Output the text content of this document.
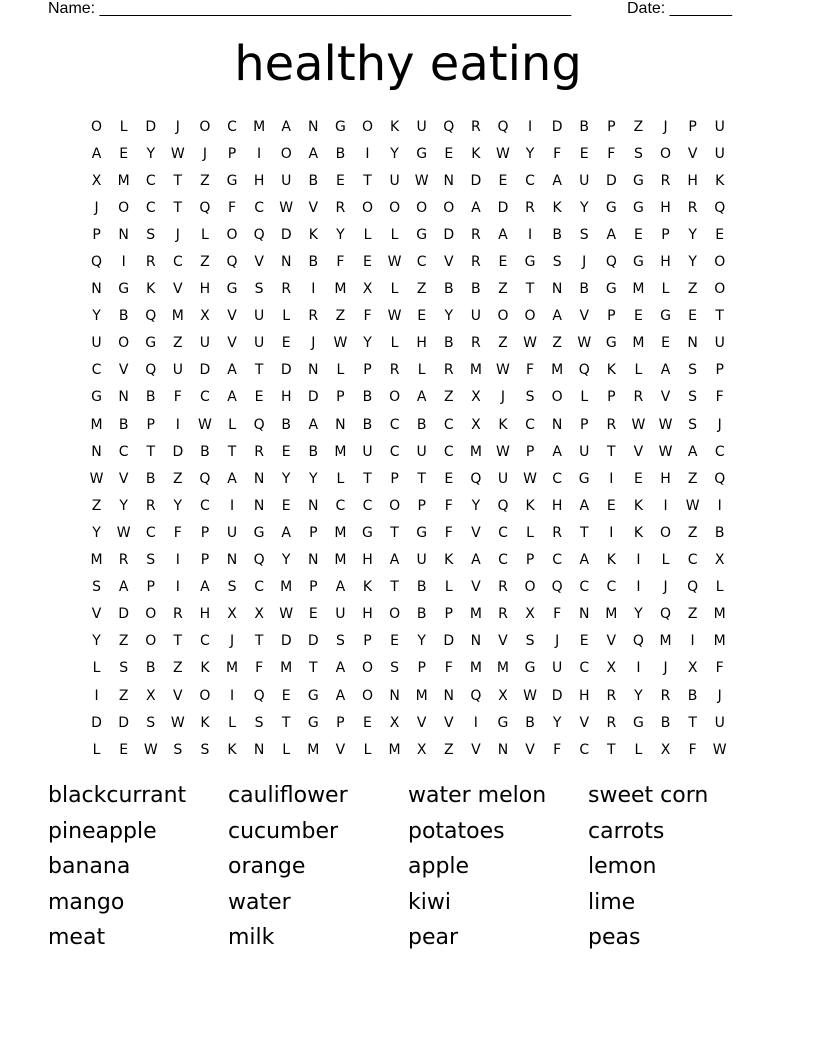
Name: _____________________________________________________	Date: _______
healthy eating
O	L	D	J	O	C	M	A	N	G	O	K	U	Q	R	Q	I	D	B	P	Z	J	P	U
A	E	Y	W	J	P	I	O	A	B	I	Y	G	E	K	W	Y	F	E	F	S	O	V	U
X	M	C	T	Z	G	H	U	B	E	T	U	W	N	D	E	C	A	U	D	G	R	H	K
J	O	C	T	Q	F	C	W	V	R	O	O	O	O	A	D	R	K	Y	G	G	H	R	Q
P	N	S	J	L	O	Q	D	K	Y	L	L	G	D	R	A	I	B	S	A	E	P	Y	E
Q	I	R	C	Z	Q	V	N	B	F	E	W	C	V	R	E	G	S	J	Q	G	H	Y	O
N	G	K	V	H	G	S	R	I	M	X	L	Z	B	B	Z	T	N	B	G	M	L	Z	O
Y	B	Q	M	X	V	U	L	R	Z	F	W	E	Y	U	O	O	A	V	P	E	G	E	T
U	O	G	Z	U	V	U	E	J	W	Y	L	H	B	R	Z	W	Z	W	G	M	E	N	U
C	V	Q	U	D	A	T	D	N	L	P	R	L	R	M	W	F	M	Q	K	L	A	S	P
G	N	B	F	C	A	E	H	D	P	B	O	A	Z	X	J	S	O	L	P	R	V	S	F
M	B	P	I	W	L	Q	B	A	N	B	C	B	C	X	K	C	N	P	R	W W	S	J
N	C	T	D	B	T	R	E	B	M	U	C	U	C	M	W	P	A	U	T	V	W	A	C
W	V	B	Z	Q	A	N	Y	Y	L	T	P	T	E	Q	U	W	C	G	I	E	H	Z	Q
Z	Y	R	Y	C	I	N	E	N	C	C	O	P	F	Y	Q	K	H	A	E	K	I	W	I
Y	W	C	F	P	U	G	A	P	M	G	T	G	F	V	C	L	R	T	I	K	O	Z	B
M	R	S	I	P	N	Q	Y	N	M	H	A	U	K	A	C	P	C	A	K	I	L	C	X
S	A	P	I	A	S	C	M	P	A	K	T	B	L	V	R	O	Q	C	C	I	J	Q	L
V	D	O	R	H	X	X	W	E	U	H	O	B	P	M	R	X	F	N	M	Y	Q	Z	M
Y	Z	O	T	C	J	T	D	D	S	P	E	Y	D	N	V	S	J	E	V	Q	M	I	M
L	S	B	Z	K	M	F	M	T	A	O	S	P	F	M	M	G	U	C	X	I	J	X	F
I	Z	X	V	O	I	Q	E	G	A	O	N	M	N	Q	X	W	D	H	R	Y	R	B	J
D	D	S	W	K	L	S	T	G	P	E	X	V	V	I	G	B	Y	V	R	G	B	T	U
L	E	W	S	S	K	N	L	M	V	L	M	X	Z	V	N	V	F	C	T	L	X	F	W
blackcurrant	cauliflower	water melon	sweet corn
pineapple	cucumber	potatoes	carrots
banana	orange	apple	lemon
mango	water	kiwi	lime
meat	milk	pear	peas
